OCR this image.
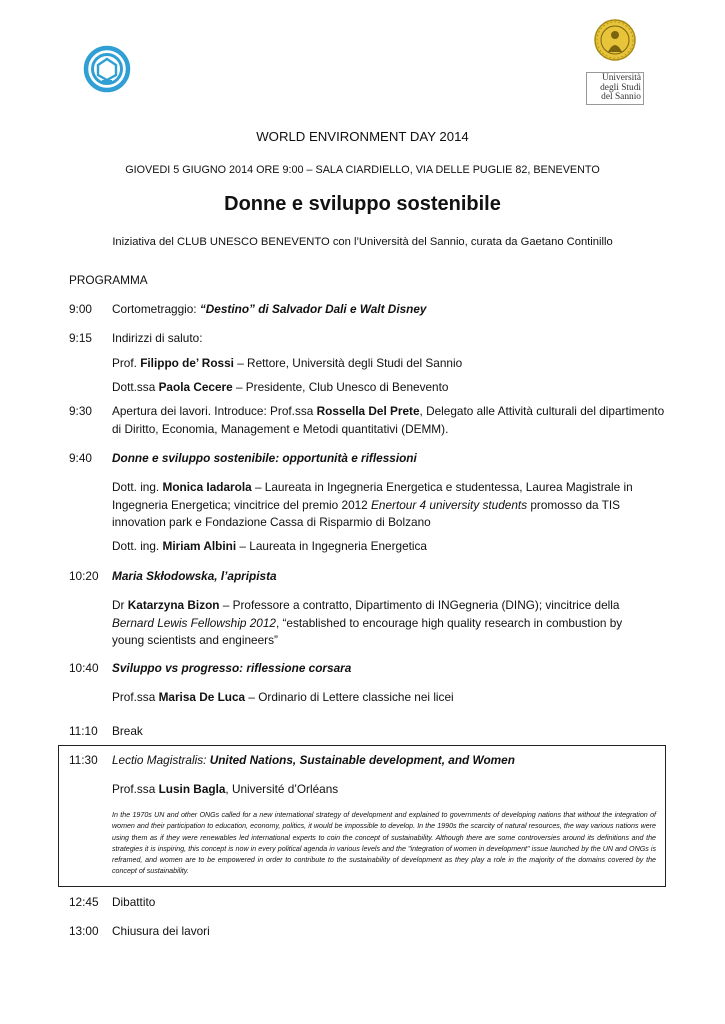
Università
degli Studi
del Sannio
WORLD ENVIRONMENT DAY 2014
GIOVEDI 5 GIUGNO 2014 ORE 9:00 – SALA CIARDIELLO, VIA DELLE PUGLIE 82, BENEVENTO
Donne e sviluppo sostenibile
Iniziativa del CLUB UNESCO BENEVENTO con l’Università del Sannio, curata da Gaetano Continillo
PROGRAMMA
9:00 Cortometraggio: “Destino” di Salvador Dali e Walt Disney
9:15 Indirizzi di saluto:
Prof. Filippo de’ Rossi – Rettore, Università degli Studi del Sannio
Dott.ssa Paola Cecere – Presidente, Club Unesco di Benevento
9:30 Apertura dei lavori. Introduce: Prof.ssa Rossella Del Prete, Delegato alle Attività culturali del dipartimento di Diritto, Economia, Management e Metodi quantitativi (DEMM).
9:40 Donne e sviluppo sostenibile: opportunità e riflessioni
Dott. ing. Monica Iadarola – Laureata in Ingegneria Energetica e studentessa, Laurea Magistrale in Ingegneria Energetica; vincitrice del premio 2012 Enertour 4 university students promosso da TIS innovation park e Fondazione Cassa di Risparmio di Bolzano
Dott. ing. Miriam Albini – Laureata in Ingegneria Energetica
10:20 Maria Skłodowska, l’apripista
Dr Katarzyna Bizon – Professore a contratto, Dipartimento di INGegneria (DING); vincitrice della Bernard Lewis Fellowship 2012, “established to encourage high quality research in combustion by young scientists and engineers”
10:40 Sviluppo vs progresso: riflessione corsara
Prof.ssa Marisa De Luca – Ordinario di Lettere classiche nei licei
11:10 Break
11:30 Lectio Magistralis: United Nations, Sustainable development, and Women
Prof.ssa Lusin Bagla, Université d’Orléans
In the 1970s UN and other ONGs called for a new international strategy of development and explained to governments of developing nations that without the integration of women and their participation to education, economy, politics, it would be impossible to develop. In the 1990s the scarcity of natural resources, the way various nations were using them as if they were renewables led international experts to coin the concept of sustainability. Although there are some controversies around its definitions and the strategies it is inspiring, this concept is now in every political agenda in various levels and the "integration of women in development" issue launched by the UN and ONGs is reframed, and women are to be empowered in order to contribute to the sustainability of development as they play a role in the majority of the domains covered by the concept of sustainability.
12:45 Dibattito
13:00 Chiusura dei lavori
